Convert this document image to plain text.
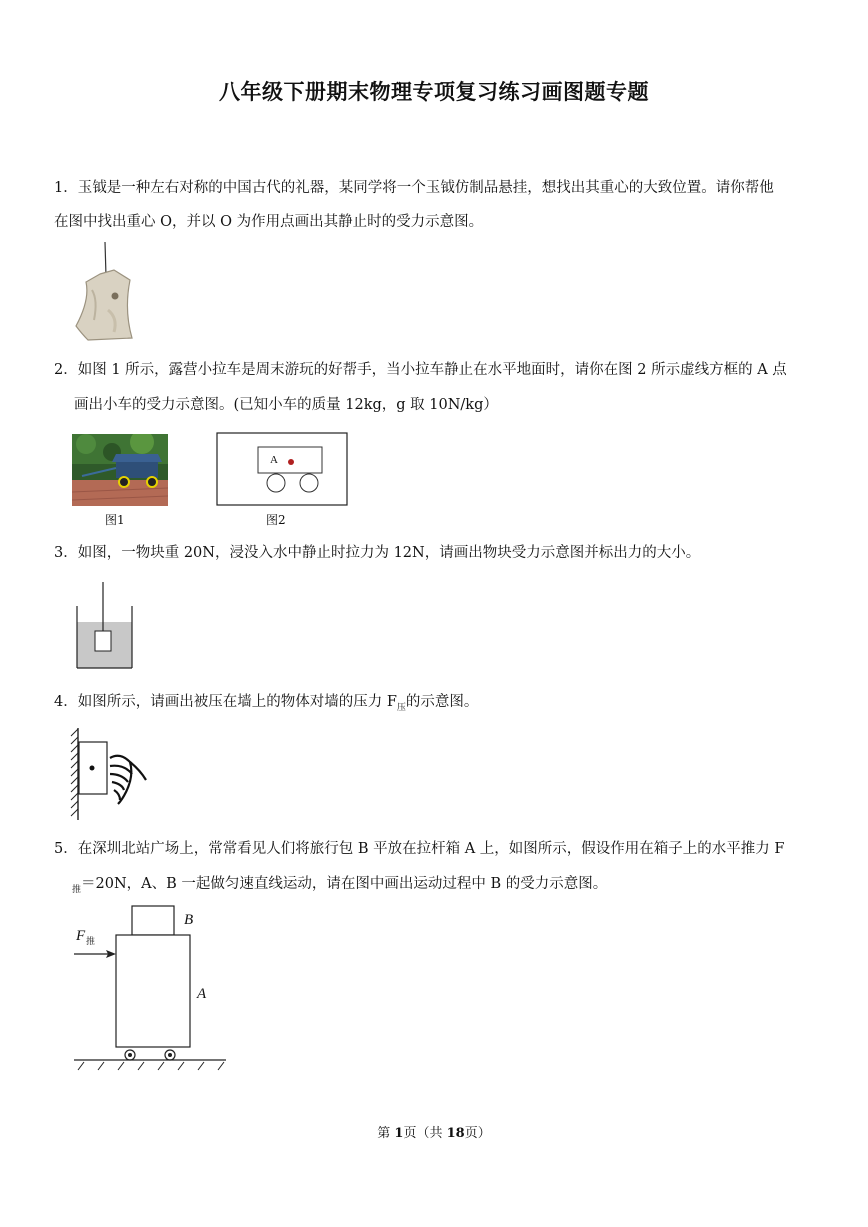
八年级下册期末物理专项复习练习画图题专题
1．玉钺是一种左右对称的中国古代的礼器，某同学将一个玉钺仿制品悬挂，想找出其重心的大致位置。请你帮他
在图中找出重心 O，并以 O 为作用点画出其静止时的受力示意图。
2．如图 1 所示，露营小拉车是周末游玩的好帮手，当小拉车静止在水平地面时，请你在图 2 所示虚线方框的 A 点
画出小车的受力示意图。(已知小车的质量 12kg，g 取 10N/kg）
图1
A
图2
3．如图，一物块重 20N，浸没入水中静止时拉力为 12N，请画出物块受力示意图并标出力的大小。
4．如图所示，请画出被压在墙上的物体对墙的压力 $F_压$的示意图。
5．在深圳北站广场上，常常看见人们将旅行包 B 平放在拉杆箱 A 上，如图所示，假设作用在箱子上的水平推力 F
$_推$＝20N，A、B 一起做匀速直线运动，请在图中画出运动过程中 B 的受力示意图。
F 推
B
A
第 1页（共 18页）
